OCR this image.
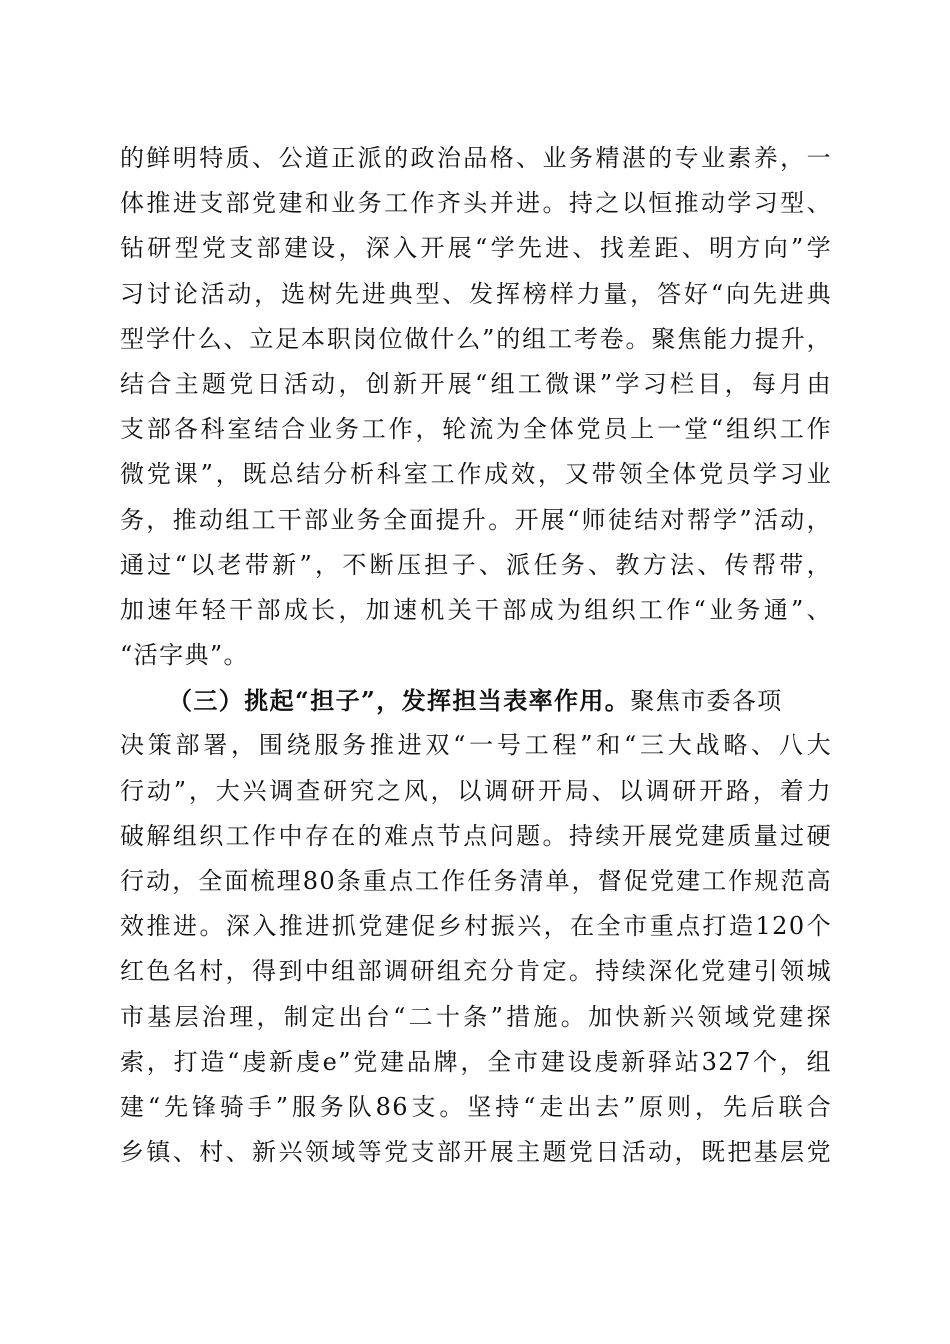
的鲜明特质、公道正派的政治品格、业务精湛的专业素养，一
体推进支部党建和业务工作齐头并进。持之以恒推动学习型、
钻研型党支部建设，深入开展“学先进、找差距、明方向”学
习讨论活动，选树先进典型、发挥榜样力量，答好“向先进典
型学什么、立足本职岗位做什么”的组工考卷。聚焦能力提升，
结合主题党日活动，创新开展“组工微课”学习栏目，每月由
支部各科室结合业务工作，轮流为全体党员上一堂“组织工作
微党课”，既总结分析科室工作成效，又带领全体党员学习业
务，推动组工干部业务全面提升。开展“师徒结对帮学”活动，
通过“以老带新”，不断压担子、派任务、教方法、传帮带，
加速年轻干部成长，加速机关干部成为组织工作“业务通”、
“活字典”。
（三）挑起“担子”，发挥担当表率作用。聚焦市委各项
决策部署，围绕服务推进双“一号工程”和“三大战略、八大
行动”，大兴调查研究之风，以调研开局、以调研开路，着力
破解组织工作中存在的难点节点问题。持续开展党建质量过硬
行动，全面梳理80条重点工作任务清单，督促党建工作规范高
效推进。深入推进抓党建促乡村振兴，在全市重点打造120个
红色名村，得到中组部调研组充分肯定。持续深化党建引领城
市基层治理，制定出台“二十条”措施。加快新兴领域党建探
索，打造“虔新虔e”党建品牌，全市建设虔新驿站327个，组
建“先锋骑手”服务队86支。坚持“走出去”原则，先后联合
乡镇、村、新兴领域等党支部开展主题党日活动，既把基层党
